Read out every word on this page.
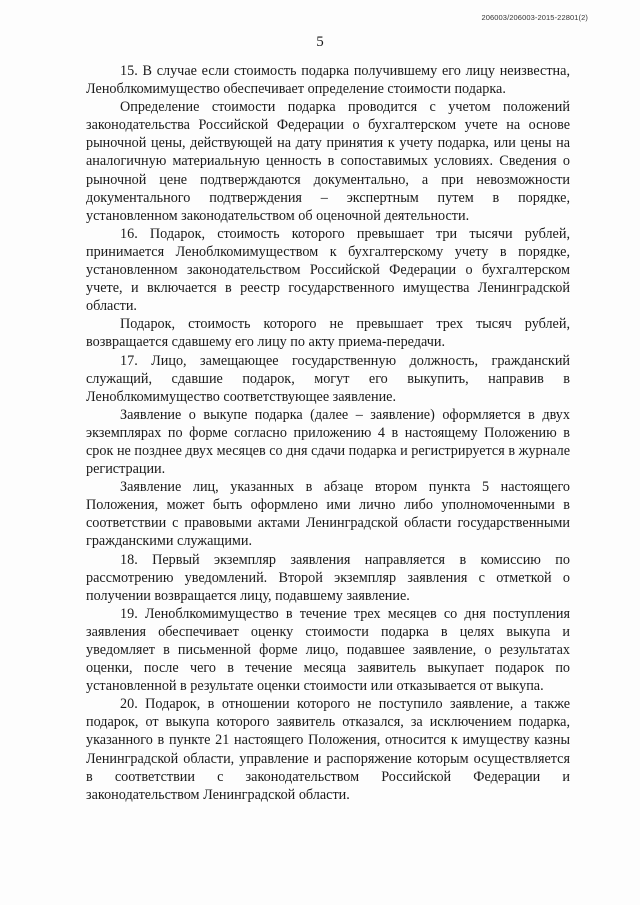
206003/206003-2015-22801(2)
5

15. В случае если стоимость подарка получившему его лицу неизвестна, Леноблкомимущество обеспечивает определение стоимости подарка.

Определение стоимости подарка проводится с учетом положений законодательства Российской Федерации о бухгалтерском учете на основе рыночной цены, действующей на дату принятия к учету подарка, или цены на аналогичную материальную ценность в сопоставимых условиях. Сведения о рыночной цене подтверждаются документально, а при невозможности документального подтверждения – экспертным путем в порядке, установленном законодательством об оценочной деятельности.

16. Подарок, стоимость которого превышает три тысячи рублей, принимается Леноблкомимуществом к бухгалтерскому учету в порядке, установленном законодательством Российской Федерации о бухгалтерском учете, и включается в реестр государственного имущества Ленинградской области.

Подарок, стоимость которого не превышает трех тысяч рублей, возвращается сдавшему его лицу по акту приема-передачи.

17. Лицо, замещающее государственную должность, гражданский служащий, сдавшие подарок, могут его выкупить, направив в Леноблкомимущество соответствующее заявление.

Заявление о выкупе подарка (далее – заявление) оформляется в двух экземплярах по форме согласно приложению 4 в настоящему Положению в срок не позднее двух месяцев со дня сдачи подарка и регистрируется в журнале регистрации.

Заявление лиц, указанных в абзаце втором пункта 5 настоящего Положения, может быть оформлено ими лично либо уполномоченными в соответствии с правовыми актами Ленинградской области государственными гражданскими служащими.

18. Первый экземпляр заявления направляется в комиссию по рассмотрению уведомлений. Второй экземпляр заявления с отметкой о получении возвращается лицу, подавшему заявление.

19. Леноблкомимущество в течение трех месяцев со дня поступления заявления обеспечивает оценку стоимости подарка в целях выкупа и уведомляет в письменной форме лицо, подавшее заявление, о результатах оценки, после чего в течение месяца заявитель выкупает подарок по установленной в результате оценки стоимости или отказывается от выкупа.

20. Подарок, в отношении которого не поступило заявление, а также подарок, от выкупа которого заявитель отказался, за исключением подарка, указанного в пункте 21 настоящего Положения, относится к имуществу казны Ленинградской области, управление и распоряжение которым осуществляется в соответствии с законодательством Российской Федерации и законодательством Ленинградской области.
